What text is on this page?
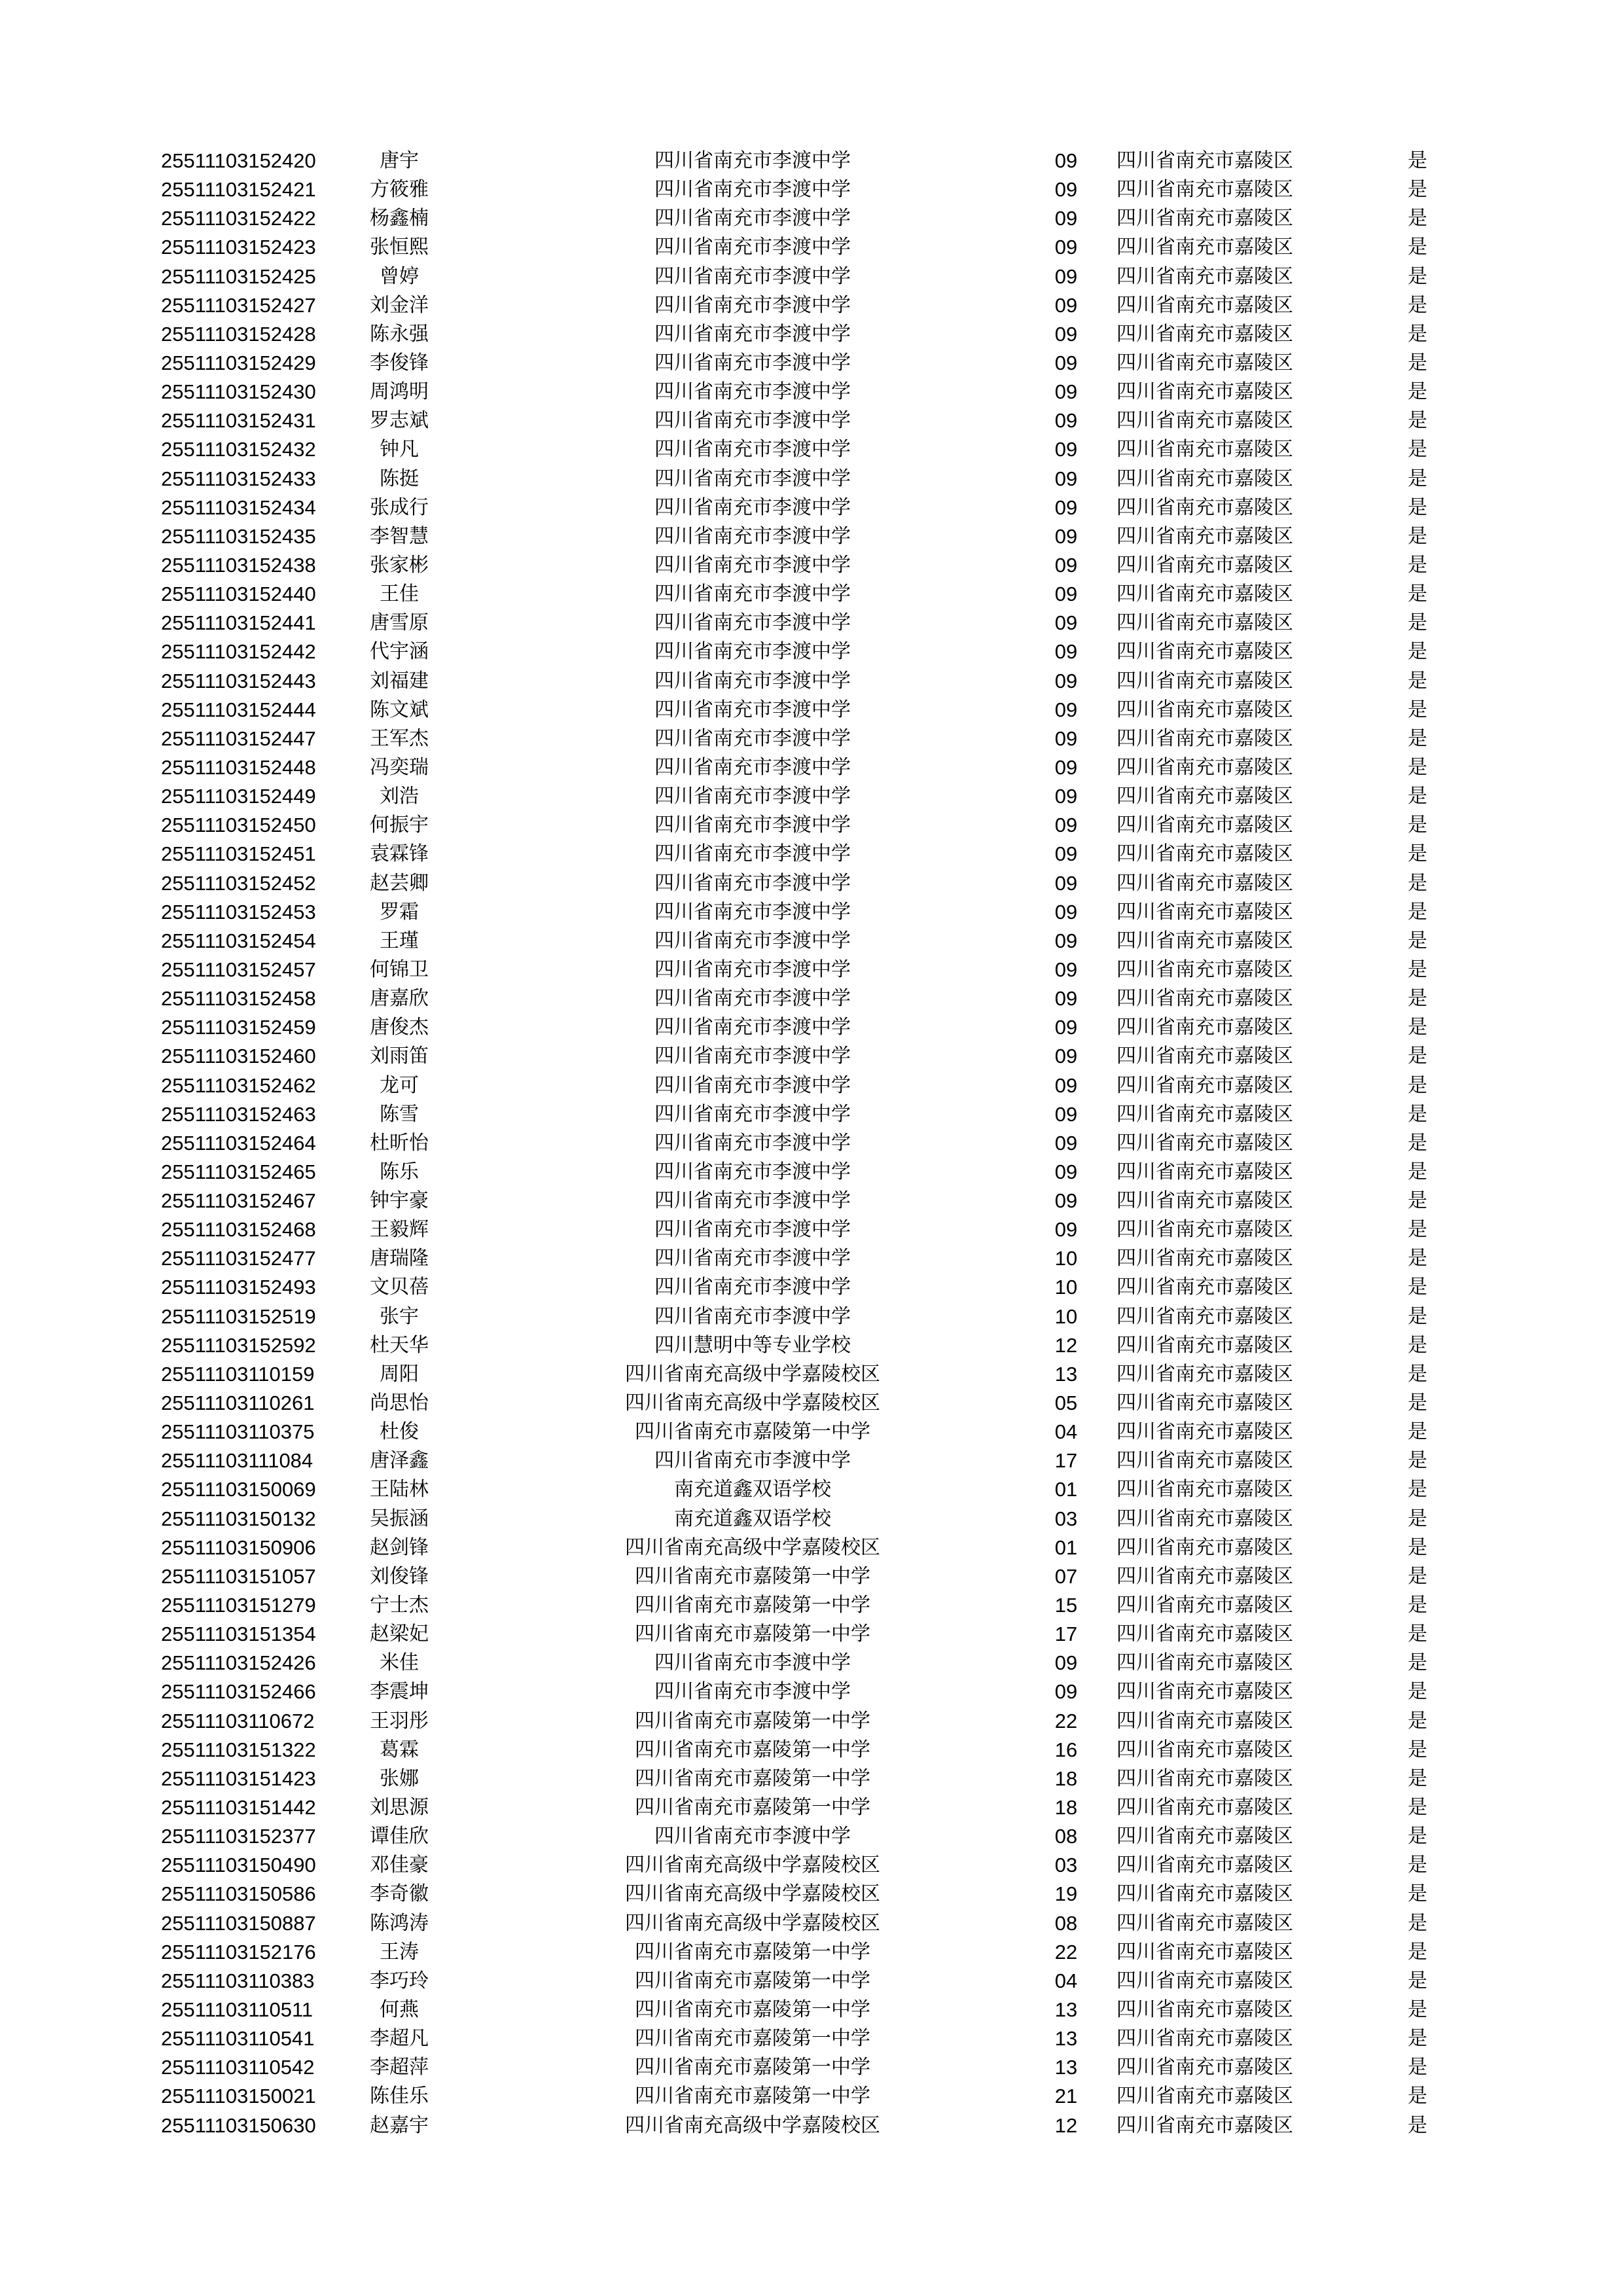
25511103152420	唐宇	四川省南充市李渡中学	09	四川省南充市嘉陵区	是
25511103152421	方筱雅	四川省南充市李渡中学	09	四川省南充市嘉陵区	是
25511103152422	杨鑫楠	四川省南充市李渡中学	09	四川省南充市嘉陵区	是
25511103152423	张恒熙	四川省南充市李渡中学	09	四川省南充市嘉陵区	是
25511103152425	曾婷	四川省南充市李渡中学	09	四川省南充市嘉陵区	是
25511103152427	刘金洋	四川省南充市李渡中学	09	四川省南充市嘉陵区	是
25511103152428	陈永强	四川省南充市李渡中学	09	四川省南充市嘉陵区	是
25511103152429	李俊锋	四川省南充市李渡中学	09	四川省南充市嘉陵区	是
25511103152430	周鸿明	四川省南充市李渡中学	09	四川省南充市嘉陵区	是
25511103152431	罗志斌	四川省南充市李渡中学	09	四川省南充市嘉陵区	是
25511103152432	钟凡	四川省南充市李渡中学	09	四川省南充市嘉陵区	是
25511103152433	陈挺	四川省南充市李渡中学	09	四川省南充市嘉陵区	是
25511103152434	张成行	四川省南充市李渡中学	09	四川省南充市嘉陵区	是
25511103152435	李智慧	四川省南充市李渡中学	09	四川省南充市嘉陵区	是
25511103152438	张家彬	四川省南充市李渡中学	09	四川省南充市嘉陵区	是
25511103152440	王佳	四川省南充市李渡中学	09	四川省南充市嘉陵区	是
25511103152441	唐雪原	四川省南充市李渡中学	09	四川省南充市嘉陵区	是
25511103152442	代宇涵	四川省南充市李渡中学	09	四川省南充市嘉陵区	是
25511103152443	刘福建	四川省南充市李渡中学	09	四川省南充市嘉陵区	是
25511103152444	陈文斌	四川省南充市李渡中学	09	四川省南充市嘉陵区	是
25511103152447	王军杰	四川省南充市李渡中学	09	四川省南充市嘉陵区	是
25511103152448	冯奕瑞	四川省南充市李渡中学	09	四川省南充市嘉陵区	是
25511103152449	刘浩	四川省南充市李渡中学	09	四川省南充市嘉陵区	是
25511103152450	何振宇	四川省南充市李渡中学	09	四川省南充市嘉陵区	是
25511103152451	袁霖锋	四川省南充市李渡中学	09	四川省南充市嘉陵区	是
25511103152452	赵芸卿	四川省南充市李渡中学	09	四川省南充市嘉陵区	是
25511103152453	罗霜	四川省南充市李渡中学	09	四川省南充市嘉陵区	是
25511103152454	王瑾	四川省南充市李渡中学	09	四川省南充市嘉陵区	是
25511103152457	何锦卫	四川省南充市李渡中学	09	四川省南充市嘉陵区	是
25511103152458	唐嘉欣	四川省南充市李渡中学	09	四川省南充市嘉陵区	是
25511103152459	唐俊杰	四川省南充市李渡中学	09	四川省南充市嘉陵区	是
25511103152460	刘雨笛	四川省南充市李渡中学	09	四川省南充市嘉陵区	是
25511103152462	龙可	四川省南充市李渡中学	09	四川省南充市嘉陵区	是
25511103152463	陈雪	四川省南充市李渡中学	09	四川省南充市嘉陵区	是
25511103152464	杜昕怡	四川省南充市李渡中学	09	四川省南充市嘉陵区	是
25511103152465	陈乐	四川省南充市李渡中学	09	四川省南充市嘉陵区	是
25511103152467	钟宇豪	四川省南充市李渡中学	09	四川省南充市嘉陵区	是
25511103152468	王毅辉	四川省南充市李渡中学	09	四川省南充市嘉陵区	是
25511103152477	唐瑞隆	四川省南充市李渡中学	10	四川省南充市嘉陵区	是
25511103152493	文贝蓓	四川省南充市李渡中学	10	四川省南充市嘉陵区	是
25511103152519	张宇	四川省南充市李渡中学	10	四川省南充市嘉陵区	是
25511103152592	杜天华	四川慧明中等专业学校	12	四川省南充市嘉陵区	是
25511103110159	周阳	四川省南充高级中学嘉陵校区	13	四川省南充市嘉陵区	是
25511103110261	尚思怡	四川省南充高级中学嘉陵校区	05	四川省南充市嘉陵区	是
25511103110375	杜俊	四川省南充市嘉陵第一中学	04	四川省南充市嘉陵区	是
25511103111084	唐泽鑫	四川省南充市李渡中学	17	四川省南充市嘉陵区	是
25511103150069	王陆林	南充道鑫双语学校	01	四川省南充市嘉陵区	是
25511103150132	吴振涵	南充道鑫双语学校	03	四川省南充市嘉陵区	是
25511103150906	赵剑锋	四川省南充高级中学嘉陵校区	01	四川省南充市嘉陵区	是
25511103151057	刘俊锋	四川省南充市嘉陵第一中学	07	四川省南充市嘉陵区	是
25511103151279	宁士杰	四川省南充市嘉陵第一中学	15	四川省南充市嘉陵区	是
25511103151354	赵梁妃	四川省南充市嘉陵第一中学	17	四川省南充市嘉陵区	是
25511103152426	米佳	四川省南充市李渡中学	09	四川省南充市嘉陵区	是
25511103152466	李震坤	四川省南充市李渡中学	09	四川省南充市嘉陵区	是
25511103110672	王羽彤	四川省南充市嘉陵第一中学	22	四川省南充市嘉陵区	是
25511103151322	葛霖	四川省南充市嘉陵第一中学	16	四川省南充市嘉陵区	是
25511103151423	张娜	四川省南充市嘉陵第一中学	18	四川省南充市嘉陵区	是
25511103151442	刘思源	四川省南充市嘉陵第一中学	18	四川省南充市嘉陵区	是
25511103152377	谭佳欣	四川省南充市李渡中学	08	四川省南充市嘉陵区	是
25511103150490	邓佳豪	四川省南充高级中学嘉陵校区	03	四川省南充市嘉陵区	是
25511103150586	李奇徽	四川省南充高级中学嘉陵校区	19	四川省南充市嘉陵区	是
25511103150887	陈鸿涛	四川省南充高级中学嘉陵校区	08	四川省南充市嘉陵区	是
25511103152176	王涛	四川省南充市嘉陵第一中学	22	四川省南充市嘉陵区	是
25511103110383	李巧玲	四川省南充市嘉陵第一中学	04	四川省南充市嘉陵区	是
25511103110511	何燕	四川省南充市嘉陵第一中学	13	四川省南充市嘉陵区	是
25511103110541	李超凡	四川省南充市嘉陵第一中学	13	四川省南充市嘉陵区	是
25511103110542	李超萍	四川省南充市嘉陵第一中学	13	四川省南充市嘉陵区	是
25511103150021	陈佳乐	四川省南充市嘉陵第一中学	21	四川省南充市嘉陵区	是
25511103150630	赵嘉宇	四川省南充高级中学嘉陵校区	12	四川省南充市嘉陵区	是
